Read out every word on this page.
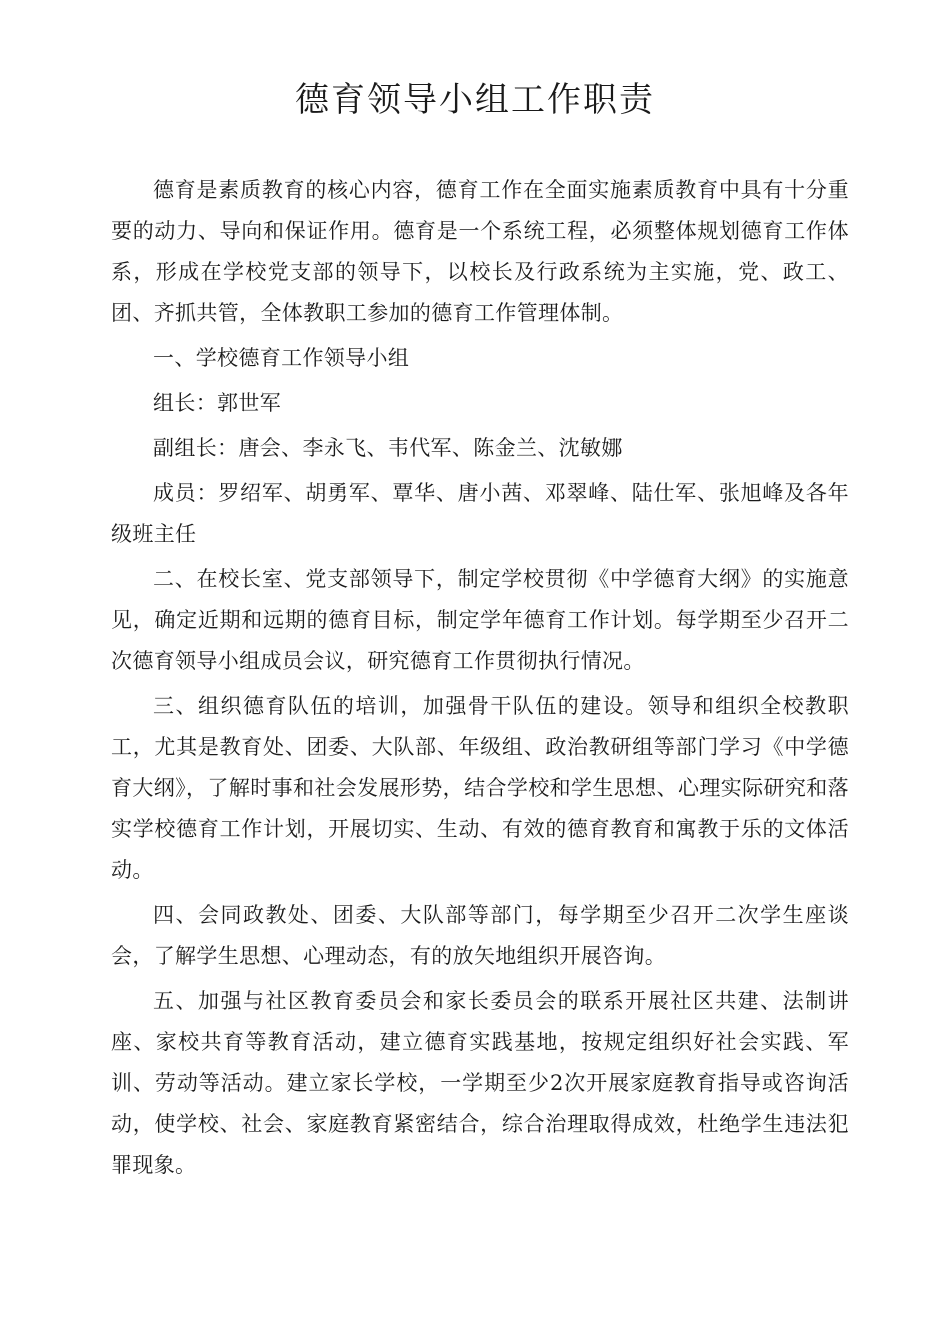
德育领导小组工作职责

德育是素质教育的核心内容，德育工作在全面实施素质教育中具有十分重要的动力、导向和保证作用。德育是一个系统工程，必须整体规划德育工作体系，形成在学校党支部的领导下，以校长及行政系统为主实施，党、政工、团、齐抓共管，全体教职工参加的德育工作管理体制。

一、学校德育工作领导小组

组长：郭世军

副组长：唐会、李永飞、韦代军、陈金兰、沈敏娜

成员：罗绍军、胡勇军、覃华、唐小茜、邓翠峰、陆仕军、张旭峰及各年级班主任

二、在校长室、党支部领导下，制定学校贯彻《中学德育大纲》的实施意见，确定近期和远期的德育目标，制定学年德育工作计划。每学期至少召开二次德育领导小组成员会议，研究德育工作贯彻执行情况。

三、组织德育队伍的培训，加强骨干队伍的建设。领导和组织全校教职工，尤其是教育处、团委、大队部、年级组、政治教研组等部门学习《中学德育大纲》，了解时事和社会发展形势，结合学校和学生思想、心理实际研究和落实学校德育工作计划，开展切实、生动、有效的德育教育和寓教于乐的文体活动。

四、会同政教处、团委、大队部等部门，每学期至少召开二次学生座谈会，了解学生思想、心理动态，有的放矢地组织开展咨询。

五、加强与社区教育委员会和家长委员会的联系开展社区共建、法制讲座、家校共育等教育活动，建立德育实践基地，按规定组织好社会实践、军训、劳动等活动。建立家长学校，一学期至少2次开展家庭教育指导或咨询活动，使学校、社会、家庭教育紧密结合，综合治理取得成效，杜绝学生违法犯罪现象。
